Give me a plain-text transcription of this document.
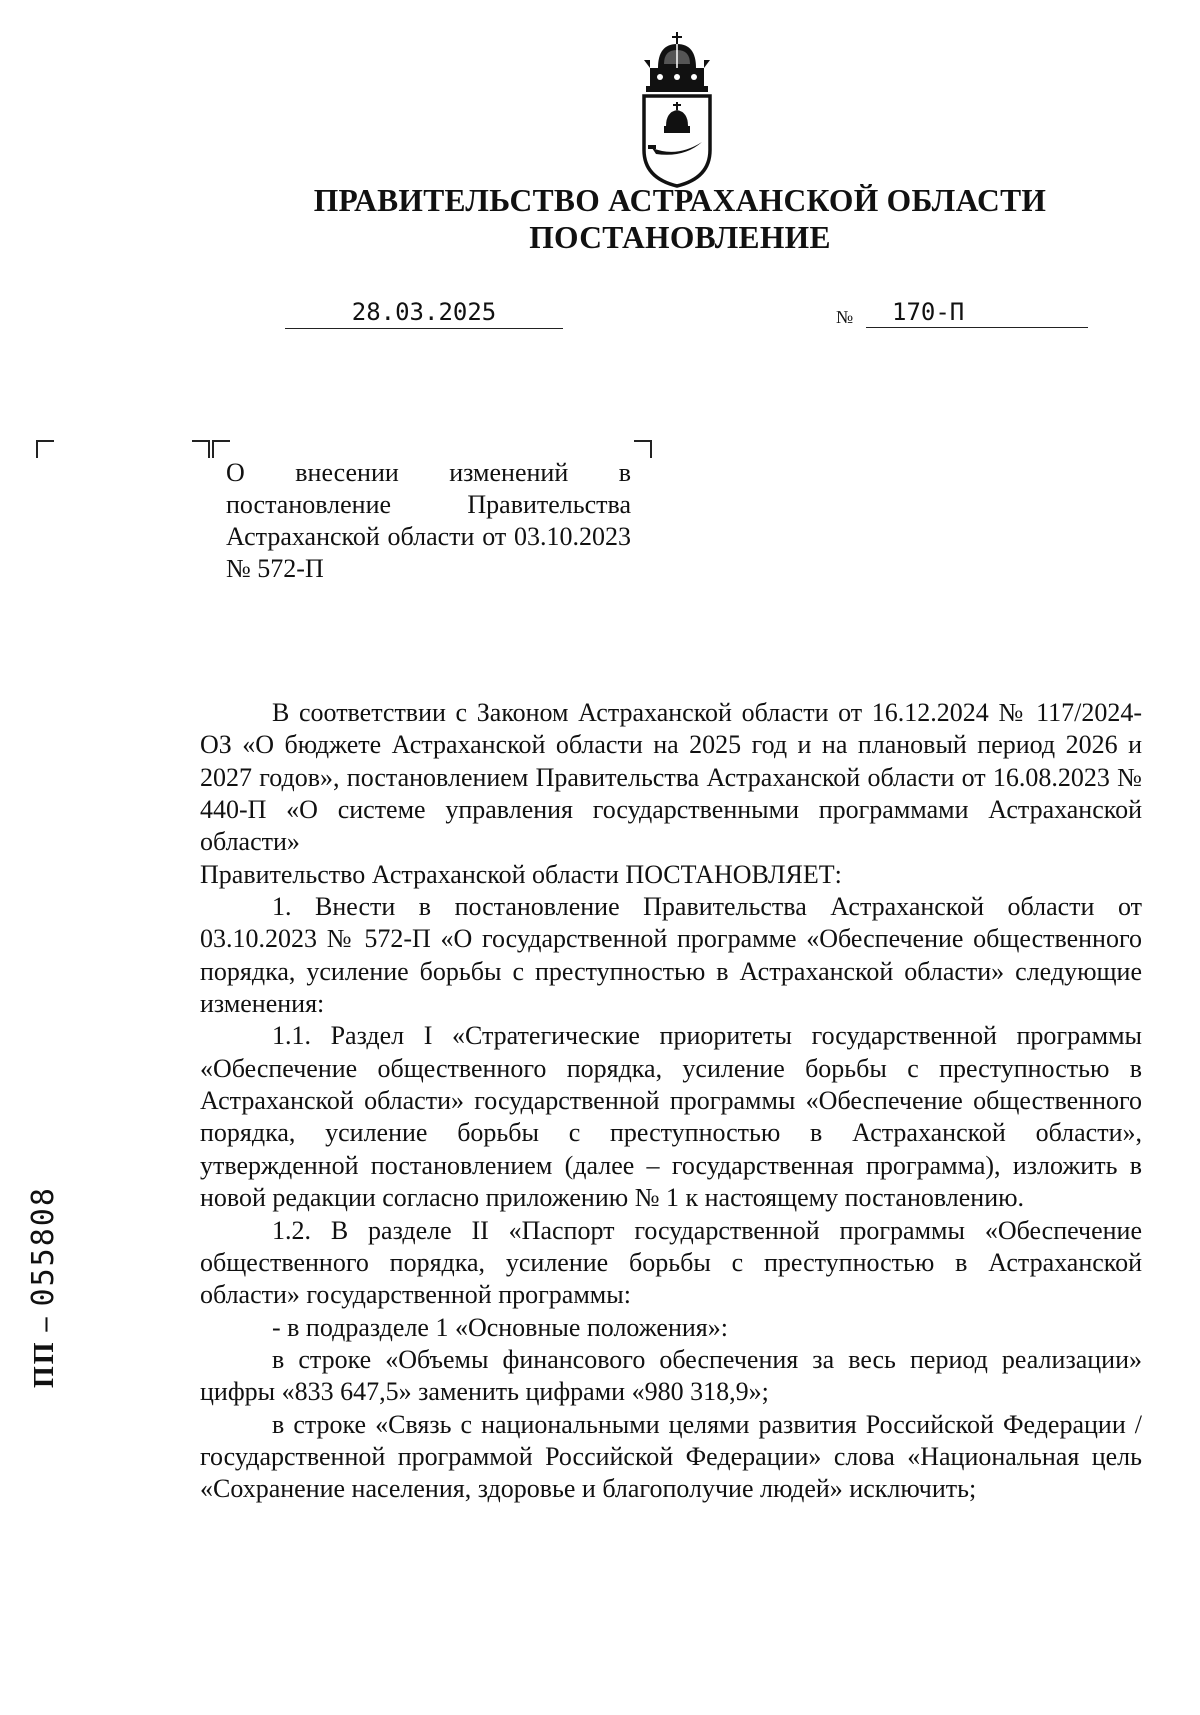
ПРАВИТЕЛЬСТВО АСТРАХАНСКОЙ ОБЛАСТИ
ПОСТАНОВЛЕНИЕ
28.03.2025	№	170-П
О внесении изменений в постановление Правительства Астраханской области от 03.10.2023 № 572-П

В соответствии с Законом Астраханской области от 16.12.2024 № 117/2024-ОЗ «О бюджете Астраханской области на 2025 год и на плановый период 2026 и 2027 годов», постановлением Правительства Астраханской области от 16.08.2023 № 440-П «О системе управления государственными программами Астраханской области»

Правительство Астраханской области ПОСТАНОВЛЯЕТ:

1. Внести в постановление Правительства Астраханской области от 03.10.2023 № 572-П «О государственной программе «Обеспечение общественного порядка, усиление борьбы с преступностью в Астраханской области» следующие изменения:

1.1. Раздел I «Стратегические приоритеты государственной программы «Обеспечение общественного порядка, усиление борьбы с преступностью в Астраханской области» государственной программы «Обеспечение общественного порядка, усиление борьбы с преступностью в Астраханской области», утвержденной постановлением (далее – государственная программа), изложить в новой редакции согласно приложению № 1 к настоящему постановлению.

1.2. В разделе II «Паспорт государственной программы «Обеспечение общественного порядка, усиление борьбы с преступностью в Астраханской области» государственной программы:

- в подразделе 1 «Основные положения»:

в строке «Объемы финансового обеспечения за весь период реализации» цифры «833 647,5» заменить цифрами «980 318,9»;

в строке «Связь с национальными целями развития Российской Федерации / государственной программой Российской Федерации» слова «Национальная цель «Сохранение населения, здоровье и благополучие людей» исключить;

ПП – 055808
